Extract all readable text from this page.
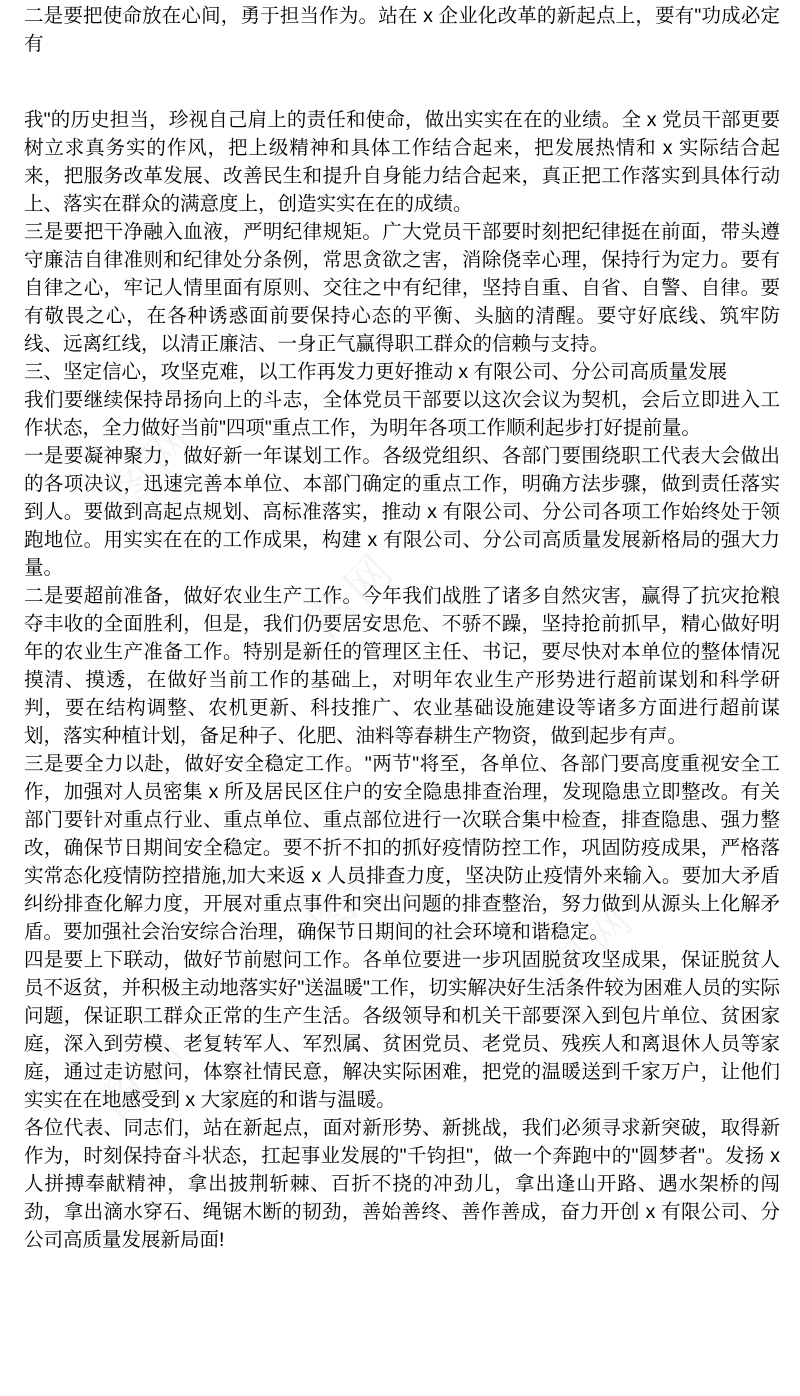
二是要把使命放在心间，勇于担当作为。站在 x 企业化改革的新起点上，要有"功成必定有

我"的历史担当，珍视自己肩上的责任和使命，做出实实在在的业绩。全 x 党员干部更要树立求真务实的作风，把上级精神和具体工作结合起来，把发展热情和 x 实际结合起来，把服务改革发展、改善民生和提升自身能力结合起来，真正把工作落实到具体行动上、落实在群众的满意度上，创造实实在在的成绩。

三是要把干净融入血液，严明纪律规矩。广大党员干部要时刻把纪律挺在前面，带头遵守廉洁自律准则和纪律处分条例，常思贪欲之害，消除侥幸心理，保持行为定力。要有自律之心，牢记人情里面有原则、交往之中有纪律，坚持自重、自省、自警、自律。要有敬畏之心，在各种诱惑面前要保持心态的平衡、头脑的清醒。要守好底线、筑牢防线、远离红线，以清正廉洁、一身正气赢得职工群众的信赖与支持。

三、坚定信心，攻坚克难，以工作再发力更好推动 x 有限公司、分公司高质量发展

我们要继续保持昂扬向上的斗志，全体党员干部要以这次会议为契机，会后立即进入工作状态，全力做好当前"四项"重点工作，为明年各项工作顺利起步打好提前量。

一是要凝神聚力，做好新一年谋划工作。各级党组织、各部门要围绕职工代表大会做出的各项决议，迅速完善本单位、本部门确定的重点工作，明确方法步骤，做到责任落实到人。要做到高起点规划、高标准落实，推动 x 有限公司、分公司各项工作始终处于领跑地位。用实实在在的工作成果，构建 x 有限公司、分公司高质量发展新格局的强大力量。

二是要超前准备，做好农业生产工作。今年我们战胜了诸多自然灾害，赢得了抗灾抢粮夺丰收的全面胜利，但是，我们仍要居安思危、不骄不躁，坚持抢前抓早，精心做好明年的农业生产准备工作。特别是新任的管理区主任、书记，要尽快对本单位的整体情况摸清、摸透，在做好当前工作的基础上，对明年农业生产形势进行超前谋划和科学研判，要在结构调整、农机更新、科技推广、农业基础设施建设等诸多方面进行超前谋划，落实种植计划，备足种子、化肥、油料等春耕生产物资，做到起步有声。

三是要全力以赴，做好安全稳定工作。"两节"将至，各单位、各部门要高度重视安全工作，加强对人员密集 x 所及居民区住户的安全隐患排查治理，发现隐患立即整改。有关部门要针对重点行业、重点单位、重点部位进行一次联合集中检查，排查隐患、强力整改，确保节日期间安全稳定。要不折不扣的抓好疫情防控工作，巩固防疫成果，严格落实常态化疫情防控措施,加大来返 x 人员排查力度，坚决防止疫情外来输入。要加大矛盾纠纷排查化解力度，开展对重点事件和突出问题的排查整治，努力做到从源头上化解矛盾。要加强社会治安综合治理，确保节日期间的社会环境和谐稳定。

四是要上下联动，做好节前慰问工作。各单位要进一步巩固脱贫攻坚成果，保证脱贫人员不返贫，并积极主动地落实好"送温暖"工作，切实解决好生活条件较为困难人员的实际问题，保证职工群众正常的生产生活。各级领导和机关干部要深入到包片单位、贫困家庭，深入到劳模、老复转军人、军烈属、贫困党员、老党员、残疾人和离退休人员等家庭，通过走访慰问，体察社情民意，解决实际困难，把党的温暖送到千家万户，让他们实实在在地感受到 x 大家庭的和谐与温暖。

各位代表、同志们，站在新起点，面对新形势、新挑战，我们必须寻求新突破，取得新作为，时刻保持奋斗状态，扛起事业发展的"千钧担"，做一个奔跑中的"圆梦者"。发扬 x 人拼搏奉献精神，拿出披荆斩棘、百折不挠的冲劲儿，拿出逢山开路、遇水架桥的闯劲，拿出滴水穿石、绳锯木断的韧劲，善始善终、善作善成，奋力开创 x 有限公司、分公司高质量发展新局面!
